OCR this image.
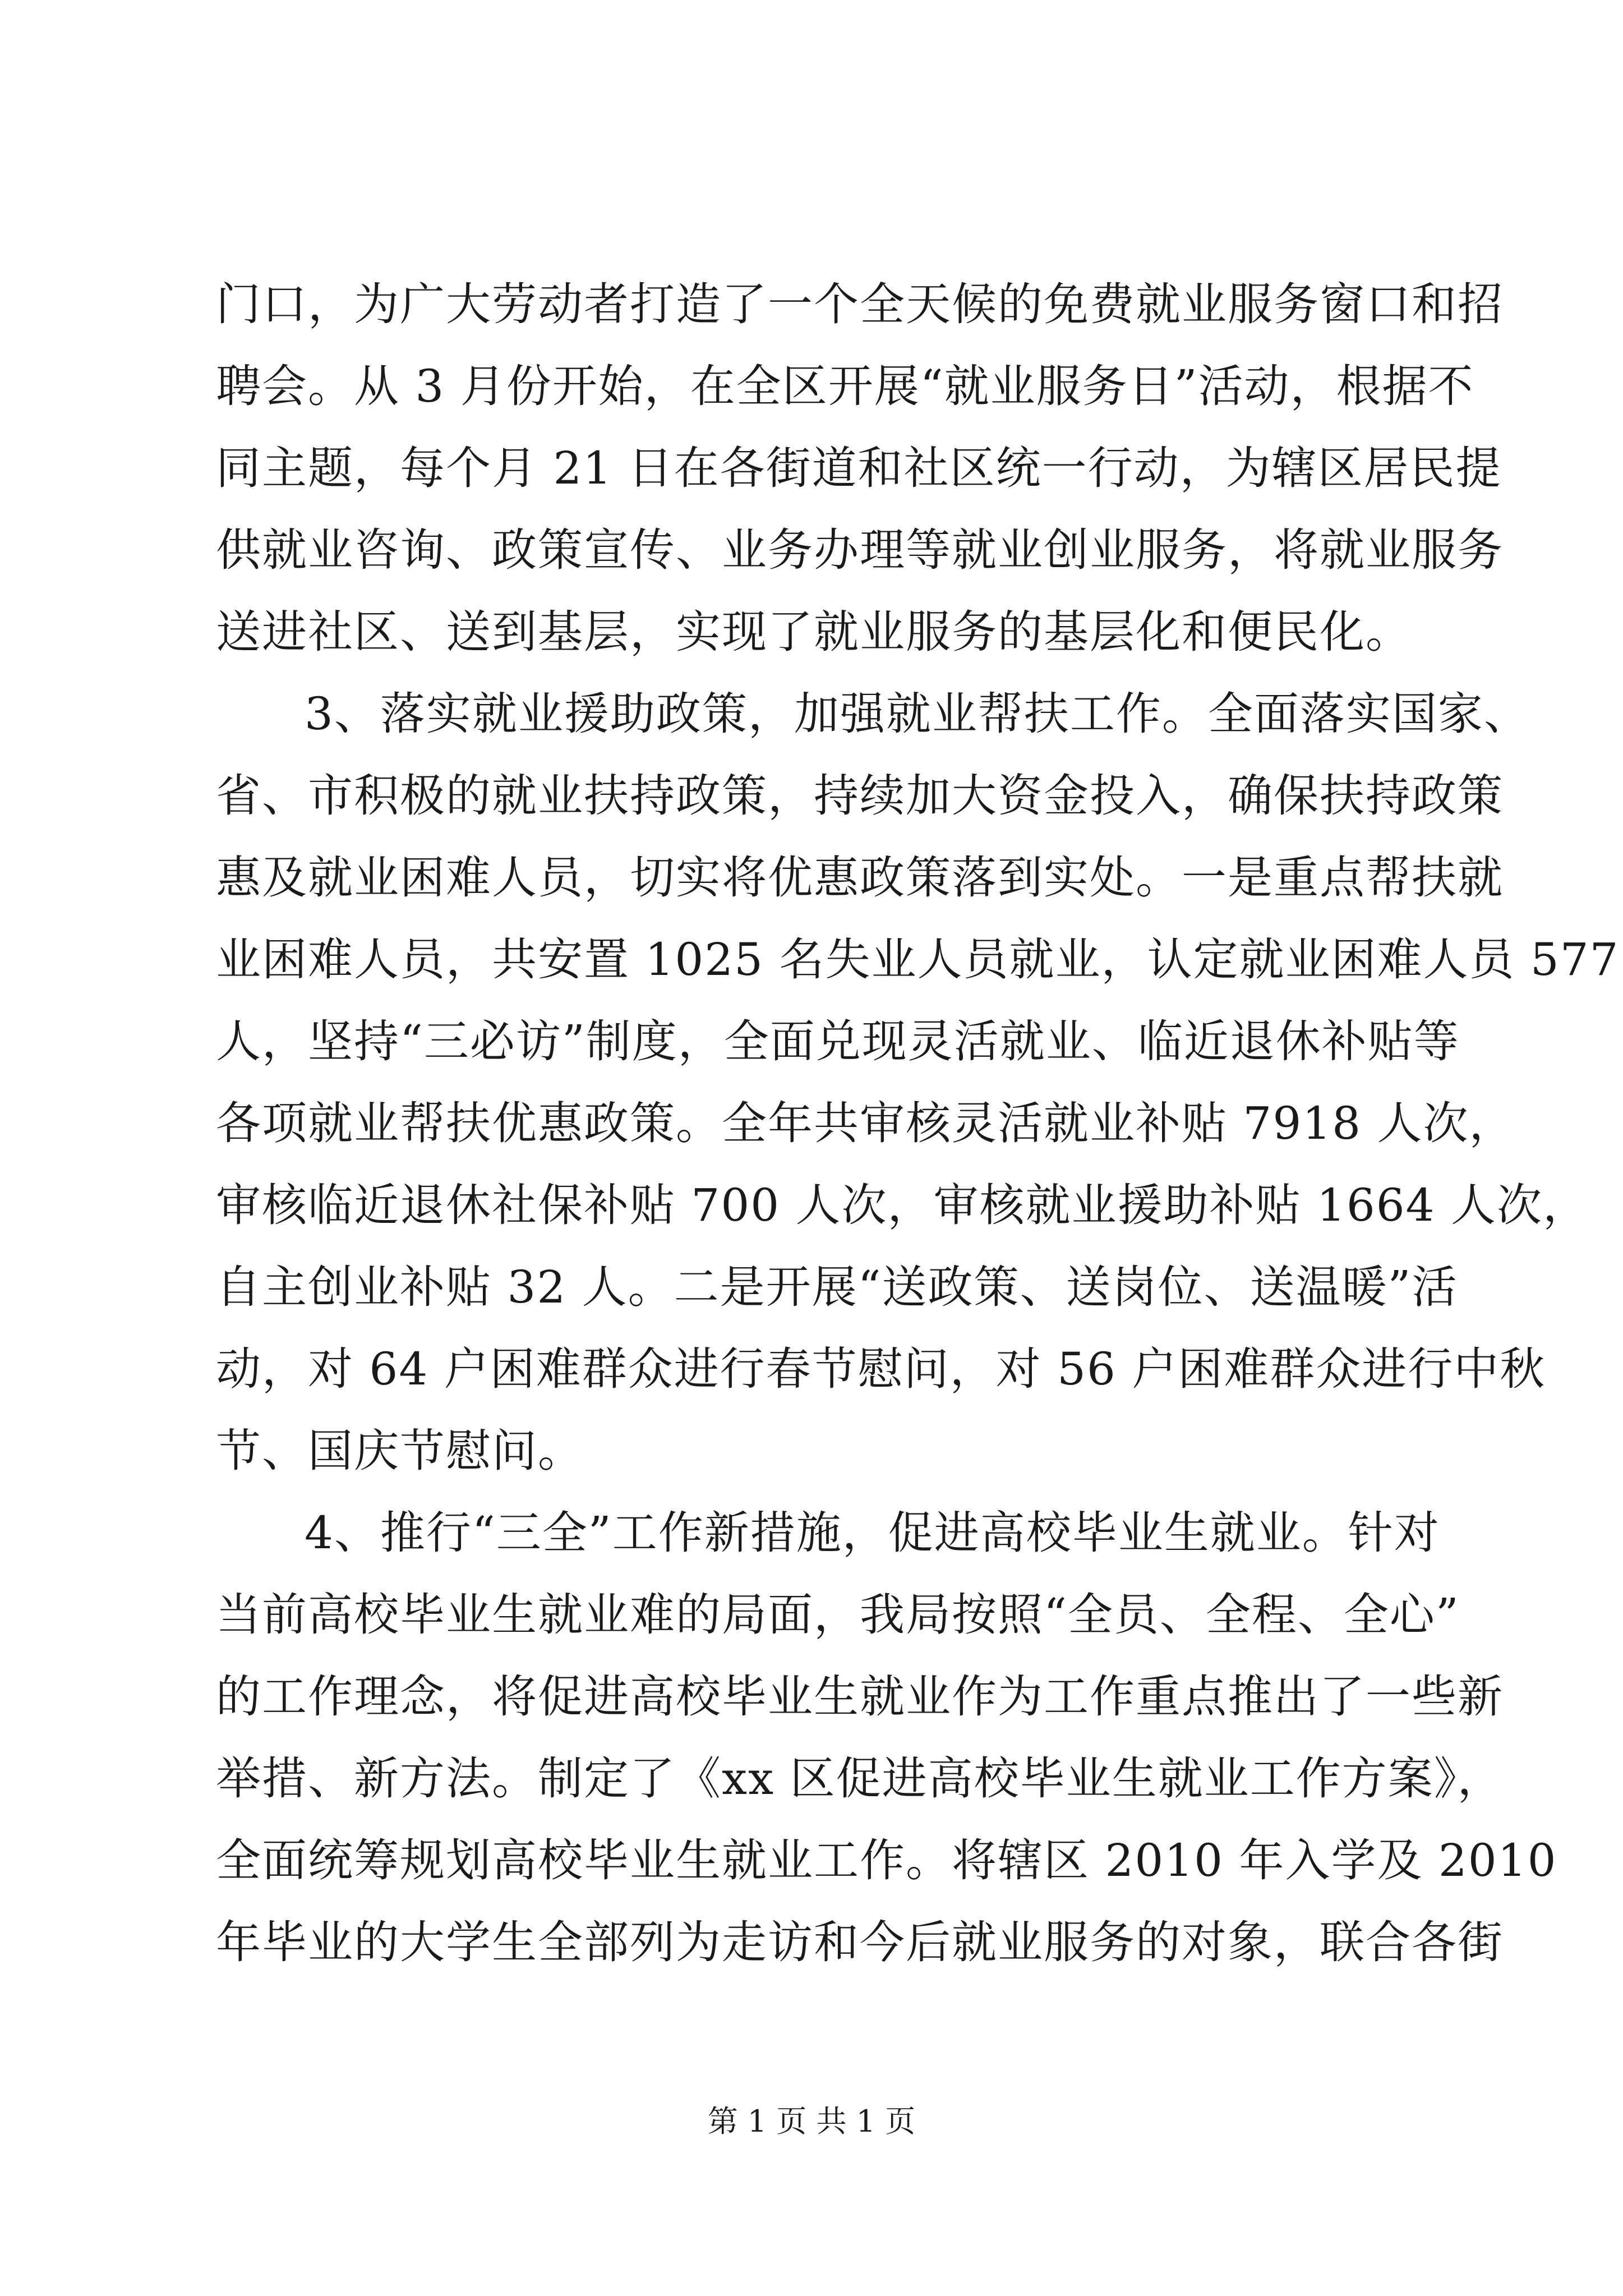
门口，为广大劳动者打造了一个全天候的免费就业服务窗口和招
聘会。从 3 月份开始，在全区开展“就业服务日”活动，根据不
同主题，每个月 21 日在各街道和社区统一行动，为辖区居民提
供就业咨询、政策宣传、业务办理等就业创业服务，将就业服务
送进社区、送到基层，实现了就业服务的基层化和便民化。
3、落实就业援助政策，加强就业帮扶工作。全面落实国家、
省、市积极的就业扶持政策，持续加大资金投入，确保扶持政策
惠及就业困难人员，切实将优惠政策落到实处。一是重点帮扶就
业困难人员，共安置 1025 名失业人员就业，认定就业困难人员 577
人，坚持“三必访”制度，全面兑现灵活就业、临近退休补贴等
各项就业帮扶优惠政策。全年共审核灵活就业补贴 7918 人次，
审核临近退休社保补贴 700 人次，审核就业援助补贴 1664 人次，
自主创业补贴 32 人。二是开展“送政策、送岗位、送温暖”活
动，对 64 户困难群众进行春节慰问，对 56 户困难群众进行中秋
节、国庆节慰问。
4、推行“三全”工作新措施，促进高校毕业生就业。针对
当前高校毕业生就业难的局面，我局按照“全员、全程、全心”
的工作理念，将促进高校毕业生就业作为工作重点推出了一些新
举措、新方法。制定了《xx 区促进高校毕业生就业工作方案》，
全面统筹规划高校毕业生就业工作。将辖区 2010 年入学及 2010
年毕业的大学生全部列为走访和今后就业服务的对象，联合各街
第 1 页 共 1 页
